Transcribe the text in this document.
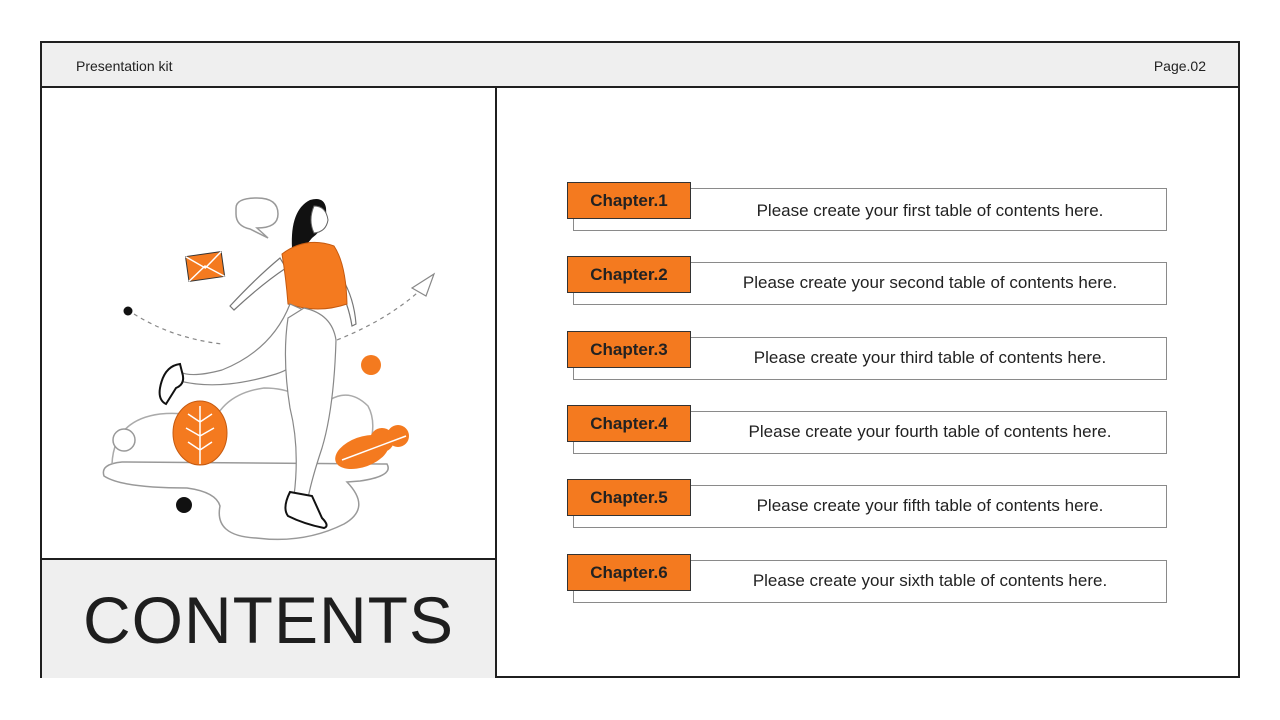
Presentation kit	Page.02
CONTENTS
Please create your first table of contents here.
Chapter.1
Please create your second table of contents here.
Chapter.2
Please create your third table of contents here.
Chapter.3
Please create your fourth table of contents here.
Chapter.4
Please create your fifth table of contents here.
Chapter.5
Please create your sixth table of contents here.
Chapter.6
